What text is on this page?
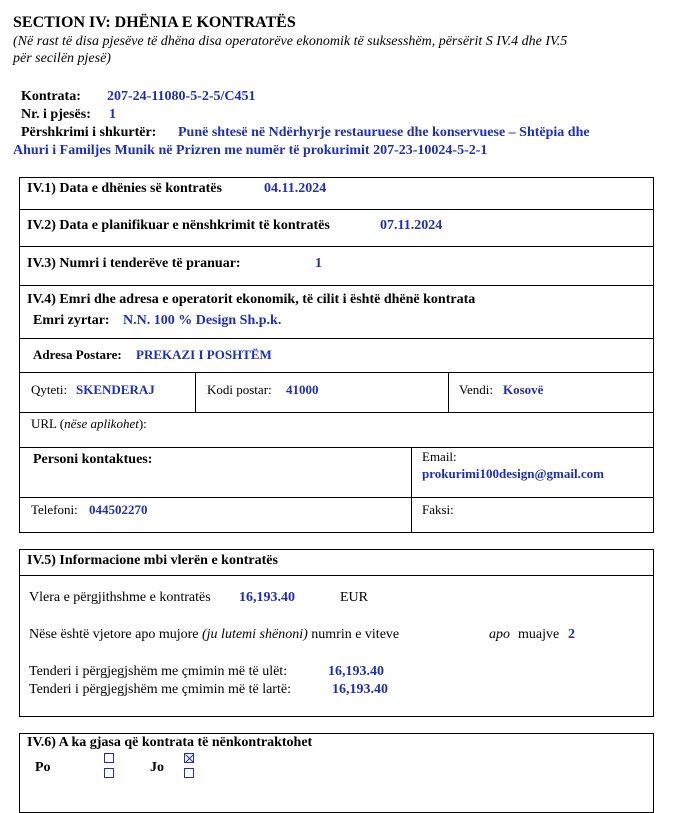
SECTION IV: DHËNIA E KONTRATËS
(Në rast të disa pjesëve të dhëna disa operatorëve ekonomik të suksesshëm, përsërit S IV.4 dhe IV.5
për secilën pjesë)
Kontrata: 207-24-11080-5-2-5/C451
Nr. i pjesës: 1
Përshkrimi i shkurtër: Punë shtesë në Ndërhyrje restauruese dhe konservuese – Shtëpia dhe
Ahuri i Familjes Munik në Prizren me numër të prokurimit 207-23-10024-5-2-1
IV.1) Data e dhënies së kontratës	04.11.2024
IV.2) Data e planifikuar e nënshkrimit të kontratës	07.11.2024
IV.3) Numri i tenderëve të pranuar:	1
IV.4) Emri dhe adresa e operatorit ekonomik, të cilit i është dhënë kontrata
Emri zyrtar: N.N. 100 % Design Sh.p.k.
Adresa Postare: PREKAZI I POSHTËM
Qyteti: SKENDERAJ	Kodi postar: 41000	Vendi: Kosovë
URL (nëse aplikohet):
Personi kontaktues:	Email:
prokurimi100design@gmail.com
Telefoni: 044502270	Faksi:
IV.5) Informacione mbi vlerën e kontratës
Vlera e përgjithshme e kontratës 16,193.40	EUR
Nëse është vjetore apo mujore (ju lutemi shënoni) numrin e viteve	apo muajve 2
Tenderi i përgjegjshëm me çmimin më të ulët:	16,193.40
Tenderi i përgjegjshëm me çmimin më të lartë:	16,193.40
IV.6) A ka gjasa që kontrata të nënkontraktohet
Po	Jo
